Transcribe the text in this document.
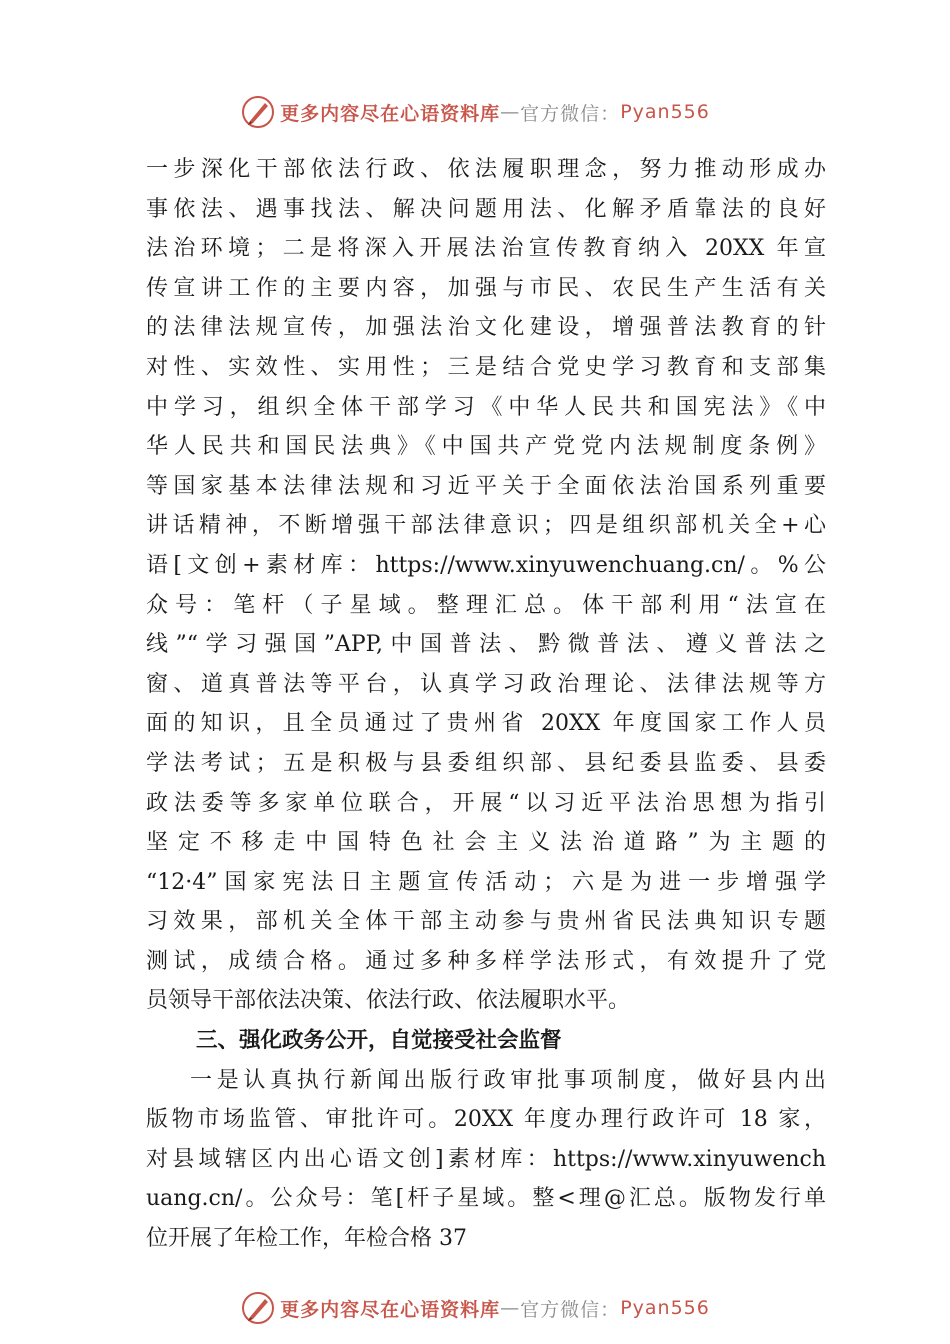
更多内容尽在心语资料库 — 官方微信： Pyan556
一步深化干部依法行政、依法履职理念，努力推动形成办
事依法、遇事找法、解决问题用法、化解矛盾靠法的良好
法治环境；二是将深入开展法治宣传教育纳入 20XX 年宣
传宣讲工作的主要内容，加强与市民、农民生产生活有关
的法律法规宣传，加强法治文化建设，增强普法教育的针
对性、实效性、实用性；三是结合党史学习教育和支部集
中学习，组织全体干部学习《中华人民共和国宪法》《中
华人民共和国民法典》《中国共产党党内法规制度条例》
等国家基本法律法规和习近平关于全面依法治国系列重要
讲话精神，不断增强干部法律意识；四是组织部机关全+心
语[文创+素材库：https://www.xinyuwenchuang.cn/。%公
众号：笔杆（子星域。整理汇总。体干部利用“法宣在
线”“学习强国”APP,中国普法、黔微普法、遵义普法之
窗、道真普法等平台，认真学习政治理论、法律法规等方
面的知识，且全员通过了贵州省 20XX 年度国家工作人员
学法考试；五是积极与县委组织部、县纪委县监委、县委
政法委等多家单位联合，开展“以习近平法治思想为指引
坚定不移走中国特色社会主义法治道路”为主题的
“12·4”国家宪法日主题宣传活动；六是为进一步增强学
习效果，部机关全体干部主动参与贵州省民法典知识专题
测试，成绩合格。通过多种多样学法形式，有效提升了党
员领导干部依法决策、依法行政、依法履职水平。
三、强化政务公开，自觉接受社会监督
一是认真执行新闻出版行政审批事项制度，做好县内出
版物市场监管、审批许可。20XX 年度办理行政许可 18 家，
对县域辖区内出心语文创]素材库：https://www.xinyuwench
uang.cn/。公众号：笔[杆子星域。整<理@汇总。版物发行单
位开展了年检工作，年检合格 37
更多内容尽在心语资料库 — 官方微信： Pyan556
